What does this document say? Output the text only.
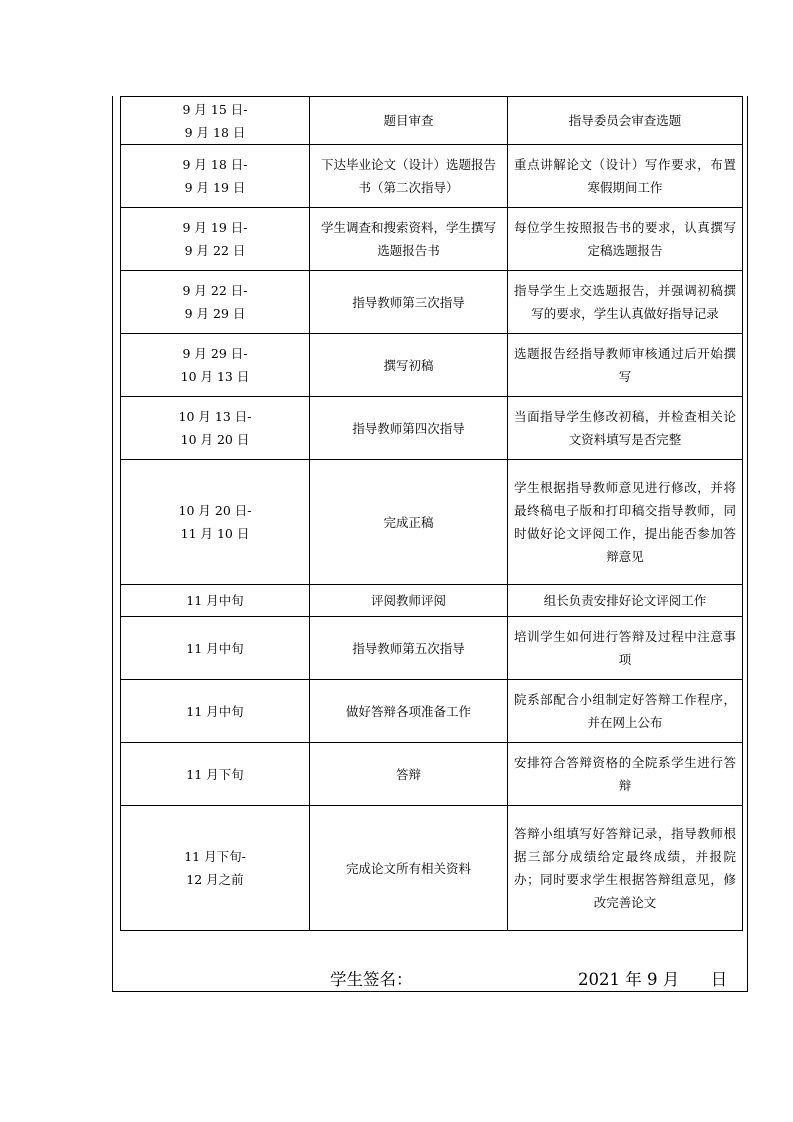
9 月 15 日-
9 月 18 日	题目审查	指导委员会审查选题

9 月 18 日-
9 月 19 日	下达毕业论文（设计）选题报告书（第二次指导）	重点讲解论文（设计）写作要求，布置寒假期间工作

9 月 19 日-
9 月 22 日	学生调查和搜索资料，学生撰写选题报告书	每位学生按照报告书的要求，认真撰写定稿选题报告

9 月 22 日-
9 月 29 日	指导教师第三次指导	指导学生上交选题报告，并强调初稿撰写的要求，学生认真做好指导记录

9 月 29 日-
10 月 13 日	撰写初稿	选题报告经指导教师审核通过后开始撰写

10 月 13 日-
10 月 20 日	指导教师第四次指导	当面指导学生修改初稿，并检查相关论文资料填写是否完整

10 月 20 日-
11 月 10 日	完成正稿	学生根据指导教师意见进行修改，并将最终稿电子版和打印稿交指导教师，同时做好论文评阅工作，提出能否参加答辩意见

11 月中旬	评阅教师评阅	组长负责安排好论文评阅工作

11 月中旬	指导教师第五次指导	培训学生如何进行答辩及过程中注意事项

11 月中旬	做好答辩各项准备工作	院系部配合小组制定好答辩工作程序，并在网上公布

11 月下旬	答辩	安排符合答辩资格的全院系学生进行答辩

11 月下旬-
12 月之前	完成论文所有相关资料	答辩小组填写好答辩记录，指导教师根据三部分成绩给定最终成绩，并报院办；同时要求学生根据答辩组意见，修改完善论文
学生签名：	2021 年 9 月      日
